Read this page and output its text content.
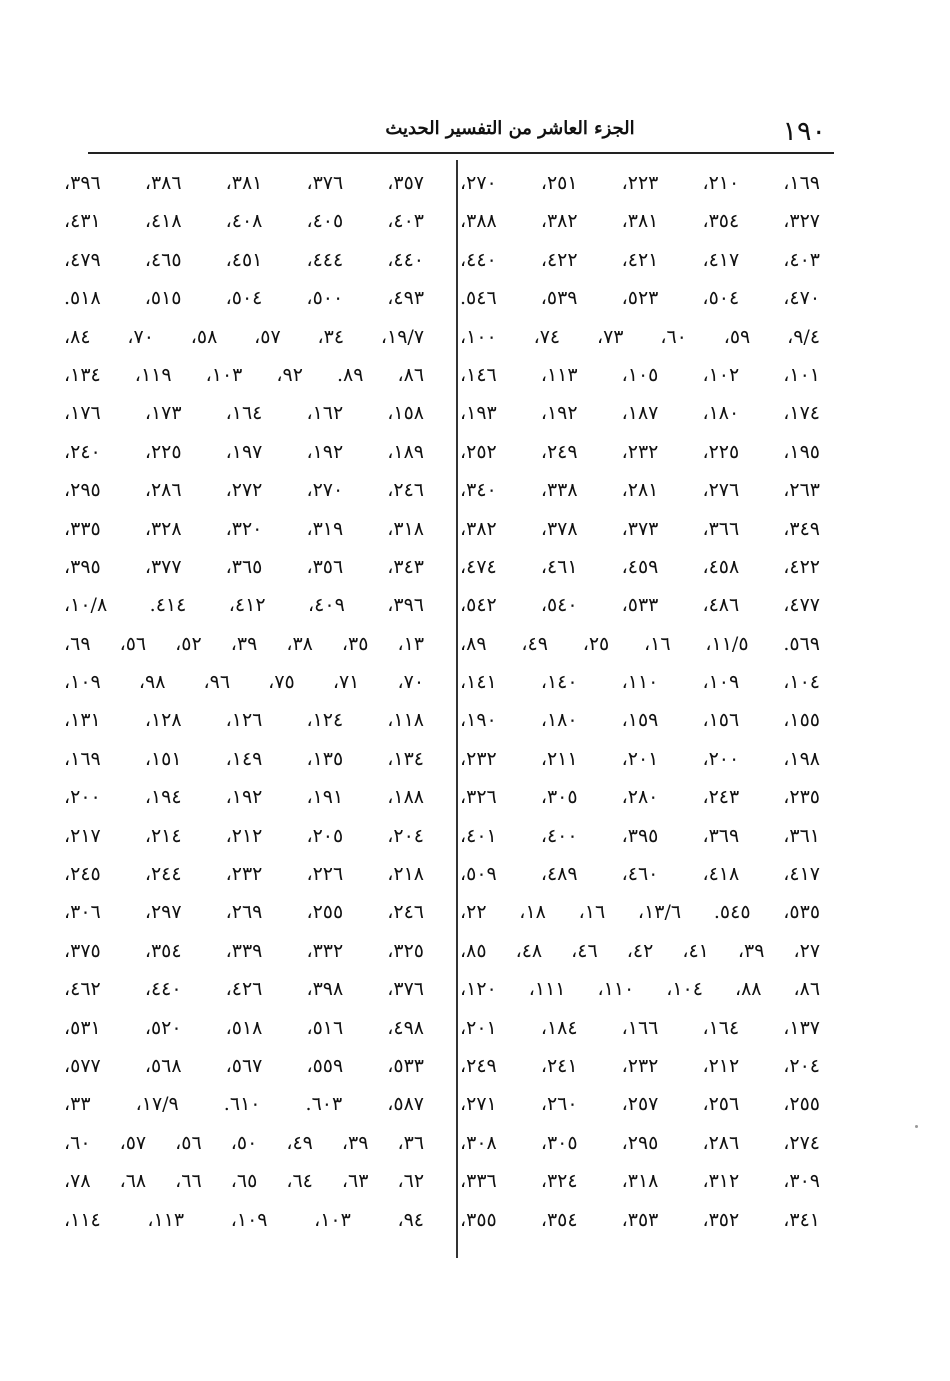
١٩٠
الجزء العاشر من التفسير الحديث
١٦٩، ٢١٠، ٢٢٣، ٢٥١، ٢٧٠،
٣٢٧، ٣٥٤، ٣٨١، ٣٨٢، ٣٨٨،
٤٠٣، ٤١٧، ٤٢١، ٤٢٢، ٤٤٠،
٤٧٠، ٥٠٤، ٥٢٣، ٥٣٩، ٥٤٦.
٩/٤، ٥٩، ٦٠، ٧٣، ٧٤، ١٠٠،
١٠١، ١٠٢، ١٠٥، ١١٣، ١٤٦،
١٧٤، ١٨٠، ١٨٧، ١٩٢، ١٩٣،
١٩٥، ٢٢٥، ٢٣٢، ٢٤٩، ٢٥٢،
٢٦٣، ٢٧٦، ٢٨١، ٣٣٨، ٣٤٠،
٣٤٩، ٣٦٦، ٣٧٣، ٣٧٨، ٣٨٢،
٤٢٢، ٤٥٨، ٤٥٩، ٤٦١، ٤٧٤،
٤٧٧، ٤٨٦، ٥٣٣، ٥٤٠، ٥٤٢،
٥٦٩. ١١/٥، ١٦، ٢٥، ٤٩، ٨٩،
١٠٤، ١٠٩، ١١٠، ١٤٠، ١٤١،
١٥٥، ١٥٦، ١٥٩، ١٨٠، ١٩٠،
١٩٨، ٢٠٠، ٢٠١، ٢١١، ٢٣٢،
٢٣٥، ٢٤٣، ٢٨٠، ٣٠٥، ٣٢٦،
٣٦١، ٣٦٩، ٣٩٥، ٤٠٠، ٤٠١،
٤١٧، ٤١٨، ٤٦٠، ٤٨٩، ٥٠٩،
٥٣٥، ٥٤٥. ١٣/٦، ١٦، ١٨، ٢٢،
٢٧، ٣٩، ٤١، ٤٢، ٤٦، ٤٨، ٨٥،
٨٦، ٨٨، ١٠٤، ١١٠، ١١١، ١٢٠،
١٣٧، ١٦٤، ١٦٦، ١٨٤، ٢٠١،
٢٠٤، ٢١٢، ٢٣٢، ٢٤١، ٢٤٩،
٢٥٥، ٢٥٦، ٢٥٧، ٢٦٠، ٢٧١،
٢٧٤، ٢٨٦، ٢٩٥، ٣٠٥، ٣٠٨،
٣٠٩، ٣١٢، ٣١٨، ٣٢٤، ٣٣٦،
٣٤١، ٣٥٢، ٣٥٣، ٣٥٤، ٣٥٥،
٣٥٧، ٣٧٦، ٣٨١، ٣٨٦، ٣٩٦،
٤٠٣، ٤٠٥، ٤٠٨، ٤١٨، ٤٣١،
٤٤٠، ٤٤٤، ٤٥١، ٤٦٥، ٤٧٩،
٤٩٣، ٥٠٠، ٥٠٤، ٥١٥، ٥١٨.
١٩/٧، ٣٤، ٥٧، ٥٨، ٧٠، ٨٤،
٨٦، ٨٩. ٩٢، ١٠٣، ١١٩، ١٣٤،
١٥٨، ١٦٢، ١٦٤، ١٧٣، ١٧٦،
١٨٩، ١٩٢، ١٩٧، ٢٢٥، ٢٤٠،
٢٤٦، ٢٧٠، ٢٧٢، ٢٨٦، ٢٩٥،
٣١٨، ٣١٩، ٣٢٠، ٣٢٨، ٣٣٥،
٣٤٣، ٣٥٦، ٣٦٥، ٣٧٧، ٣٩٥،
٣٩٦، ٤٠٩، ٤١٢، ٤١٤. ١٠/٨،
١٣، ٣٥، ٣٨، ٣٩، ٥٢، ٥٦، ٦٩،
٧٠، ٧١، ٧٥، ٩٦، ٩٨، ١٠٩،
١١٨، ١٢٤، ١٢٦، ١٢٨، ١٣١،
١٣٤، ١٣٥، ١٤٩، ١٥١، ١٦٩،
١٨٨، ١٩١، ١٩٢، ١٩٤، ٢٠٠،
٢٠٤، ٢٠٥، ٢١٢، ٢١٤، ٢١٧،
٢١٨، ٢٢٦، ٢٣٢، ٢٤٤، ٢٤٥،
٢٤٦، ٢٥٥، ٢٦٩، ٢٩٧، ٣٠٦،
٣٢٥، ٣٣٢، ٣٣٩، ٣٥٤، ٣٧٥،
٣٧٦، ٣٩٨، ٤٢٦، ٤٤٠، ٤٦٢،
٤٩٨، ٥١٦، ٥١٨، ٥٢٠، ٥٣١،
٥٣٣، ٥٥٩، ٥٦٧، ٥٦٨، ٥٧٧،
٥٨٧، ٦٠٣. ٦١٠. ١٧/٩، ٣٣،
٣٦، ٣٩، ٤٩، ٥٠، ٥٦، ٥٧، ٦٠،
٦٢، ٦٣، ٦٤، ٦٥، ٦٦، ٦٨، ٧٨،
٩٤، ١٠٣، ١٠٩، ١١٣، ١١٤،
